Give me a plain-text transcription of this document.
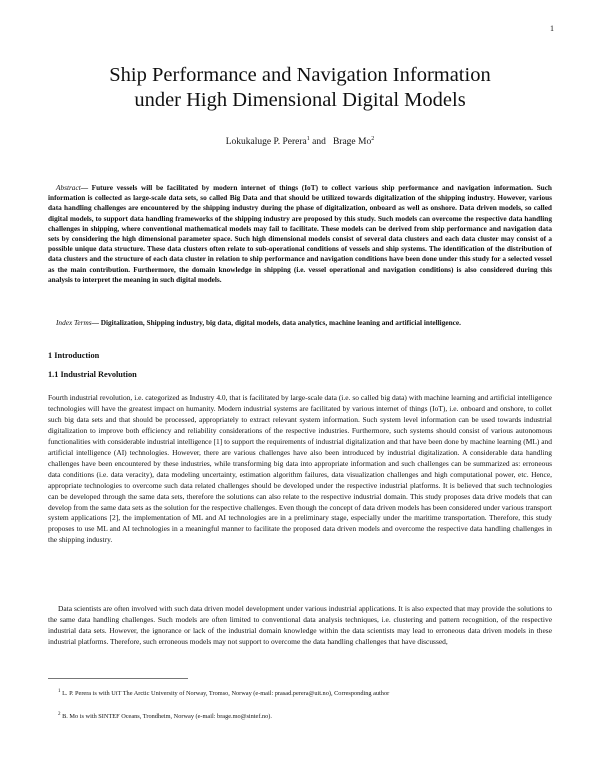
1
Ship Performance and Navigation Information
under High Dimensional Digital Models
Lokukaluge P. Perera$^1$ and   Brage Mo$^2$

Abstract— Future vessels will be facilitated by modern internet of things (IoT) to collect various ship performance and navigation information. Such information is collected as large-scale data sets, so called Big Data and that should be utilized towards digitalization of the shipping industry. However, various data handling challenges are encountered by the shipping industry during the phase of digitalization, onboard as well as onshore. Data driven models, so called digital models, to support data handling frameworks of the shipping industry are proposed by this study. Such models can overcome the respective data handling challenges in shipping, where conventional mathematical models may fail to facilitate. These models can be derived from ship performance and navigation data sets by considering the high dimensional parameter space. Such high dimensional models consist of several data clusters and each data cluster may consist of a possible unique data structure. These data clusters often relate to sub-operational conditions of vessels and ship systems. The identification of the distribution of data clusters and the structure of each data cluster in relation to ship performance and navigation conditions have been done under this study for a selected vessel as the main contribution. Furthermore, the domain knowledge in shipping (i.e. vessel operational and navigation conditions) is also considered during this analysis to interpret the meaning in such digital models.

Index Terms— Digitalization, Shipping industry, big data, digital models, data analytics, machine leaning and artificial intelligence.

1 Introduction
1.1 Industrial Revolution

Fourth industrial revolution, i.e. categorized as Industry 4.0, that is facilitated by large-scale data (i.e. so called big data) with machine learning and artificial intelligence technologies will have the greatest impact on humanity. Modern industrial systems are facilitated by various internet of things (IoT), i.e. onboard and onshore, to collet such big data sets and that should be processed, appropriately to extract relevant system information. Such system level information can be used towards industrial digitalization to improve both efficiency and reliability considerations of the respective industries. Furthermore, such systems should consist of various autonomous functionalities with considerable industrial intelligence [1] to support the requirements of industrial digitalization and that have been done by machine learning (ML) and artificial intelligence (AI) technologies. However, there are various challenges have also been introduced by industrial digitalization. A considerable data handling challenges have been encountered by these industries, while transforming big data into appropriate information and such challenges can be summarized as: erroneous data conditions (i.e. data veracity), data modeling uncertainty, estimation algorithm failures, data visualization challenges and high computational power, etc. Hence, appropriate technologies to overcome such data related challenges should be developed under the respective industrial platforms. It is believed that such technologies can be developed through the same data sets, therefore the solutions can also relate to the respective industrial domain. This study proposes data drive models that can develop from the same data sets as the solution for the respective challenges. Even though the concept of data driven models has been considered under various transport system applications [2], the implementation of ML and AI technologies are in a preliminary stage, especially under the maritime transportation. Therefore, this study proposes to use ML and AI technologies in a meaningful manner to facilitate the proposed data driven models and overcome the respective data handling challenges in the shipping industry.

Data scientists are often involved with such data driven model development under various industrial applications. It is also expected that may provide the solutions to the same data handling challenges. Such models are often limited to conventional data analysis techniques, i.e. clustering and pattern recognition, of the respective industrial data sets. However, the ignorance or lack of the industrial domain knowledge within the data scientists may lead to erroneous data driven models in these industrial platforms. Therefore, such erroneous models may not support to overcome the data handling challenges that have discussed,

$^1$ L. P. Perera is with UiT The Arctic University of Norway, Tromso, Norway (e-mail: prasad.perera@uit.no), Corresponding author

$^2$ B. Mo is with SINTEF Oceans, Trondheim, Norway (e-mail: brage.mo@sintef.no).
